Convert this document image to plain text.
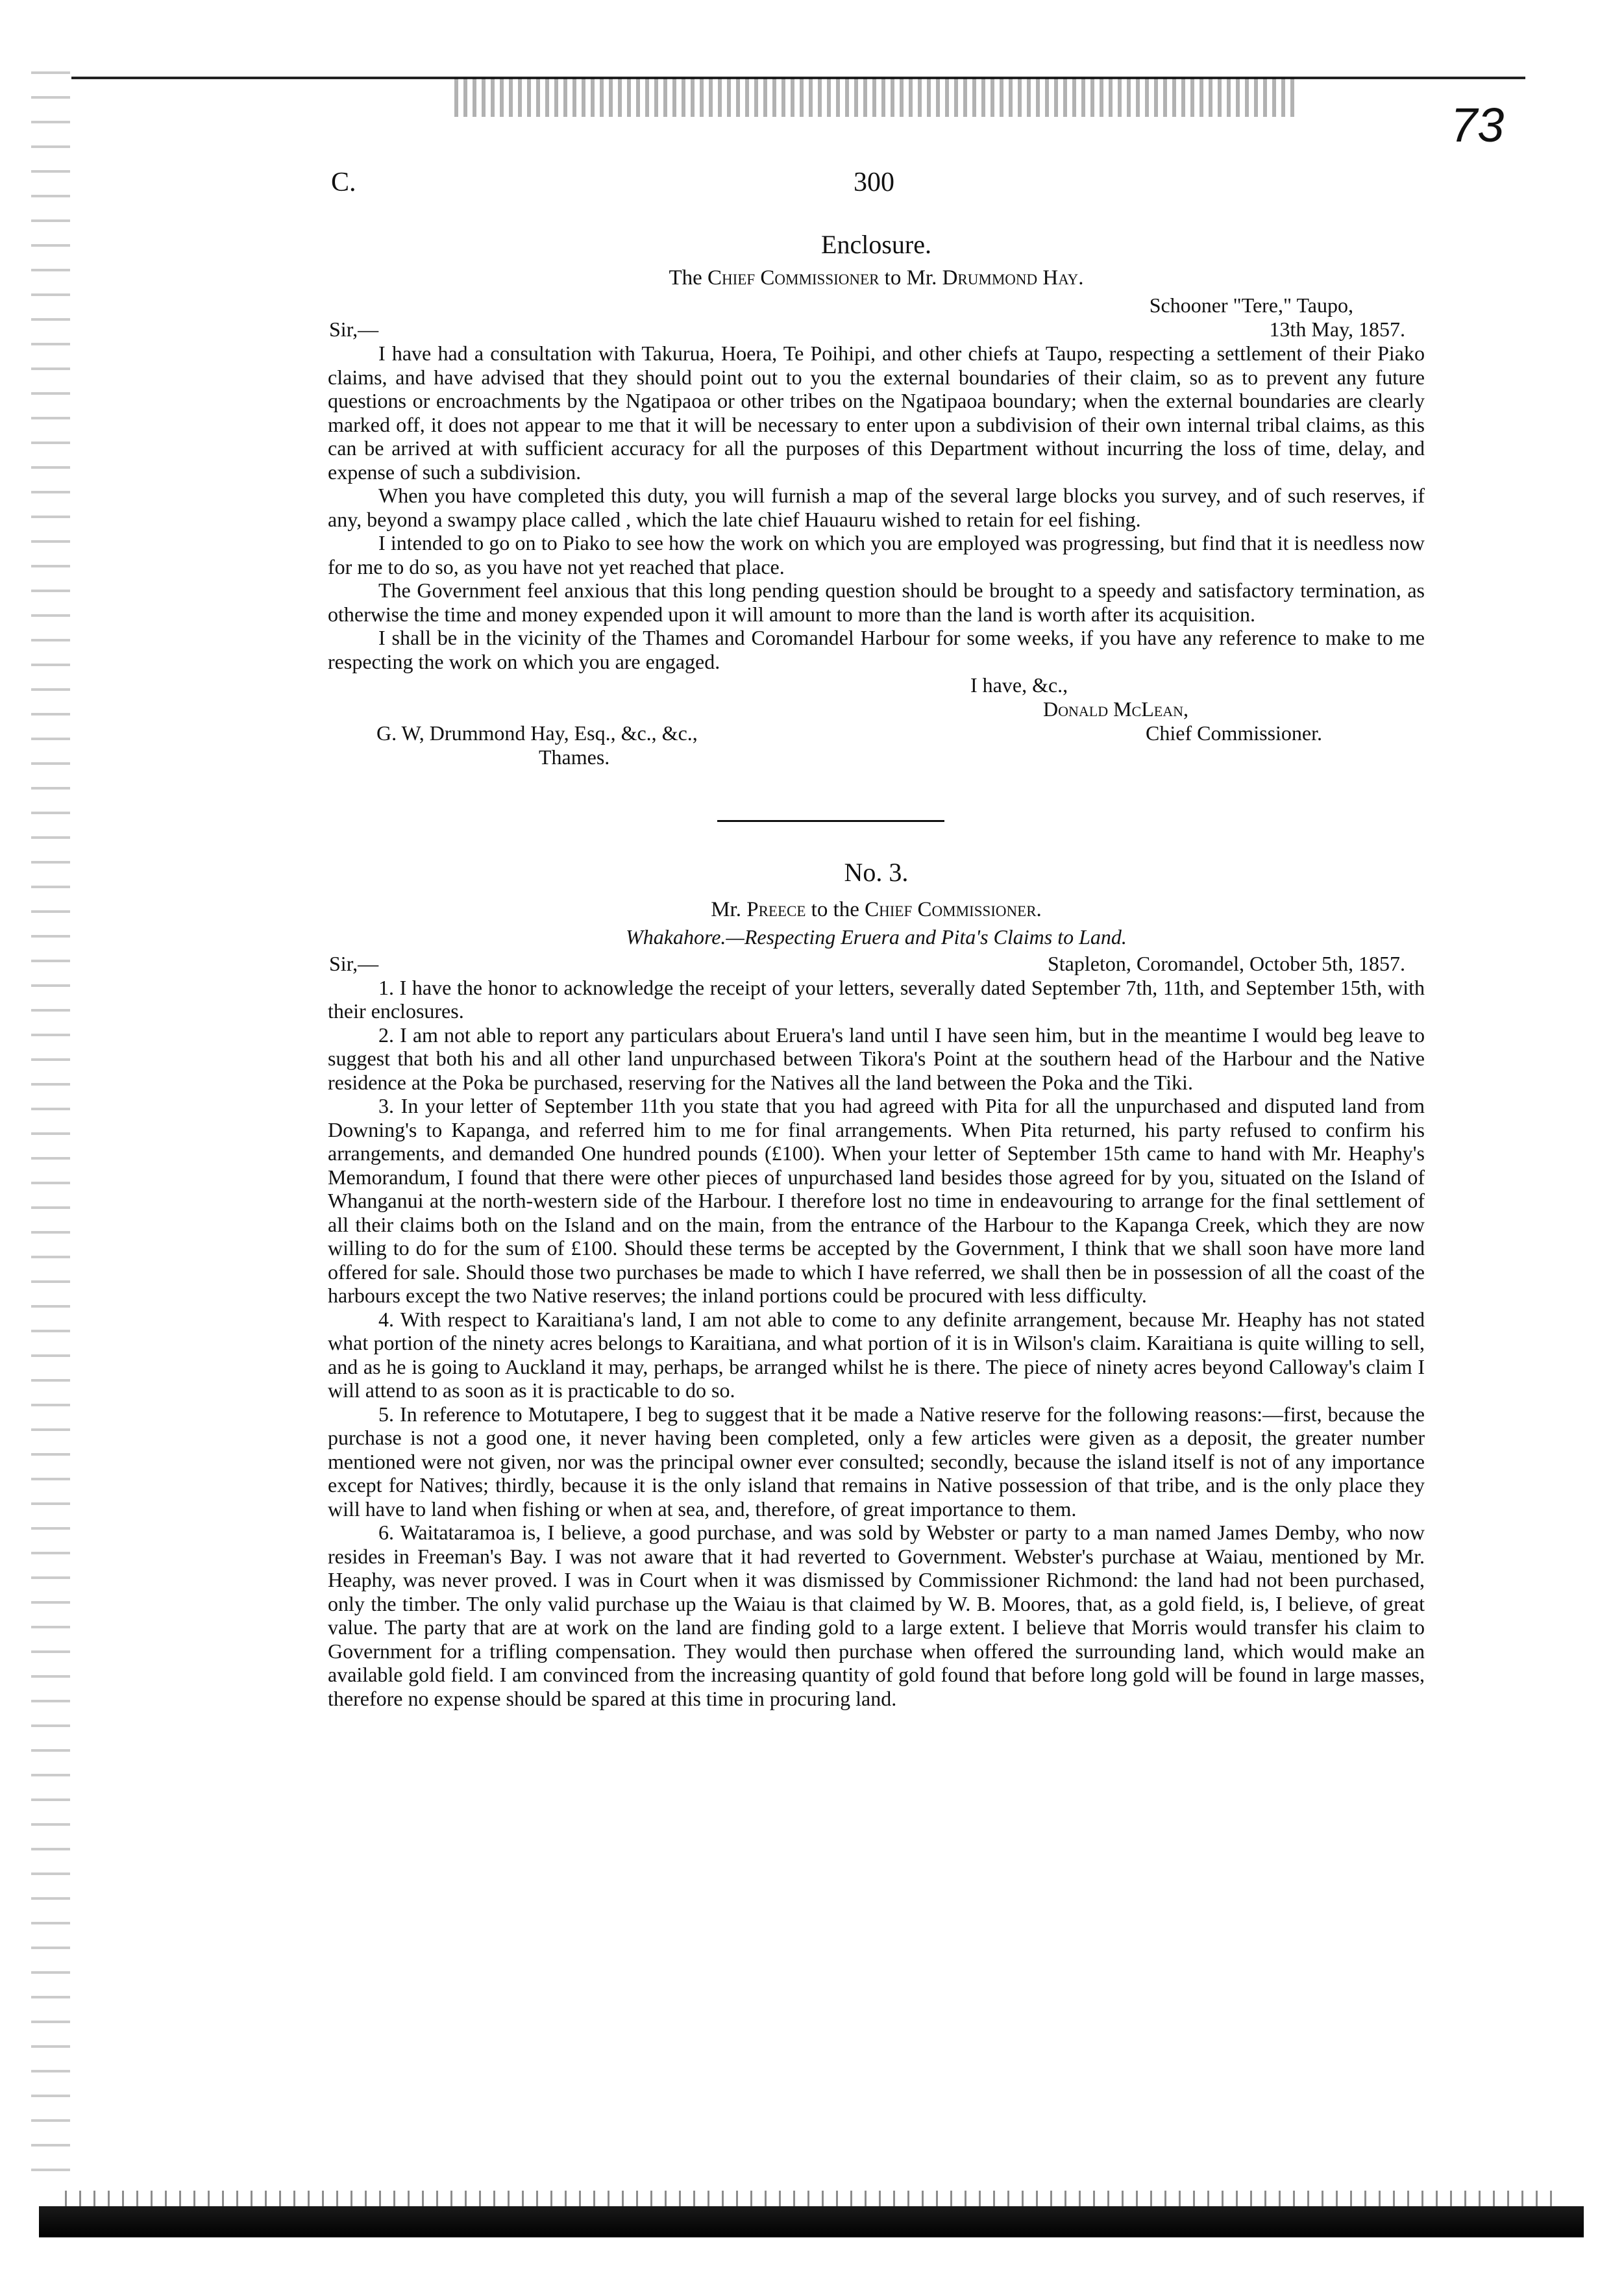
73
C.	300
Enclosure.
The Chief Commissioner to Mr. Drummond Hay.
Schooner "Tere," Taupo,
Sir,—	13th May, 1857.

I have had a consultation with Takurua, Hoera, Te Poihipi, and other chiefs at Taupo, respecting a settlement of their Piako claims, and have advised that they should point out to you the external boundaries of their claim, so as to prevent any future questions or encroachments by the Ngatipaoa or other tribes on the Ngatipaoa boundary; when the external boundaries are clearly marked off, it does not appear to me that it will be necessary to enter upon a subdivision of their own internal tribal claims, as this can be arrived at with sufficient accuracy for all the purposes of this Department without incurring the loss of time, delay, and expense of such a subdivision.

When you have completed this duty, you will furnish a map of the several large blocks you survey, and of such reserves, if any, beyond a swampy place called , which the late chief Hauauru wished to retain for eel fishing.

I intended to go on to Piako to see how the work on which you are employed was progressing, but find that it is needless now for me to do so, as you have not yet reached that place.

The Government feel anxious that this long pending question should be brought to a speedy and satisfactory termination, as otherwise the time and money expended upon it will amount to more than the land is worth after its acquisition.

I shall be in the vicinity of the Thames and Coromandel Harbour for some weeks, if you have any reference to make to me respecting the work on which you are engaged.

I have, &c.,
Donald McLean,
G. W, Drummond Hay, Esq., &c., &c.,	Chief Commissioner.
Thames.
No. 3.
Mr. Preece to the Chief Commissioner.
Whakahore.—Respecting Eruera and Pita's Claims to Land.
Sir,—	Stapleton, Coromandel, October 5th, 1857.

1. I have the honor to acknowledge the receipt of your letters, severally dated September 7th, 11th, and September 15th, with their enclosures.

2. I am not able to report any particulars about Eruera's land until I have seen him, but in the meantime I would beg leave to suggest that both his and all other land unpurchased between Tikora's Point at the southern head of the Harbour and the Native residence at the Poka be purchased, reserving for the Natives all the land between the Poka and the Tiki.

3. In your letter of September 11th you state that you had agreed with Pita for all the unpurchased and disputed land from Downing's to Kapanga, and referred him to me for final arrangements. When Pita returned, his party refused to confirm his arrangements, and demanded One hundred pounds (£100). When your letter of September 15th came to hand with Mr. Heaphy's Memorandum, I found that there were other pieces of unpurchased land besides those agreed for by you, situated on the Island of Whanganui at the north-western side of the Harbour. I therefore lost no time in endeavouring to arrange for the final settlement of all their claims both on the Island and on the main, from the entrance of the Harbour to the Kapanga Creek, which they are now willing to do for the sum of £100. Should these terms be accepted by the Government, I think that we shall soon have more land offered for sale. Should those two purchases be made to which I have referred, we shall then be in possession of all the coast of the harbours except the two Native reserves; the inland portions could be procured with less difficulty.

4. With respect to Karaitiana's land, I am not able to come to any definite arrangement, because Mr. Heaphy has not stated what portion of the ninety acres belongs to Karaitiana, and what portion of it is in Wilson's claim. Karaitiana is quite willing to sell, and as he is going to Auckland it may, perhaps, be arranged whilst he is there. The piece of ninety acres beyond Calloway's claim I will attend to as soon as it is practicable to do so.

5. In reference to Motutapere, I beg to suggest that it be made a Native reserve for the following reasons:—first, because the purchase is not a good one, it never having been completed, only a few articles were given as a deposit, the greater number mentioned were not given, nor was the principal owner ever consulted; secondly, because the island itself is not of any importance except for Natives; thirdly, because it is the only island that remains in Native possession of that tribe, and is the only place they will have to land when fishing or when at sea, and, therefore, of great importance to them.

6. Waitataramoa is, I believe, a good purchase, and was sold by Webster or party to a man named James Demby, who now resides in Freeman's Bay. I was not aware that it had reverted to Government. Webster's purchase at Waiau, mentioned by Mr. Heaphy, was never proved. I was in Court when it was dismissed by Commissioner Richmond: the land had not been purchased, only the timber. The only valid purchase up the Waiau is that claimed by W. B. Moores, that, as a gold field, is, I believe, of great value. The party that are at work on the land are finding gold to a large extent. I believe that Morris would transfer his claim to Government for a trifling compensation. They would then purchase when offered the surrounding land, which would make an available gold field. I am convinced from the increasing quantity of gold found that before long gold will be found in large masses, therefore no expense should be spared at this time in procuring land.
